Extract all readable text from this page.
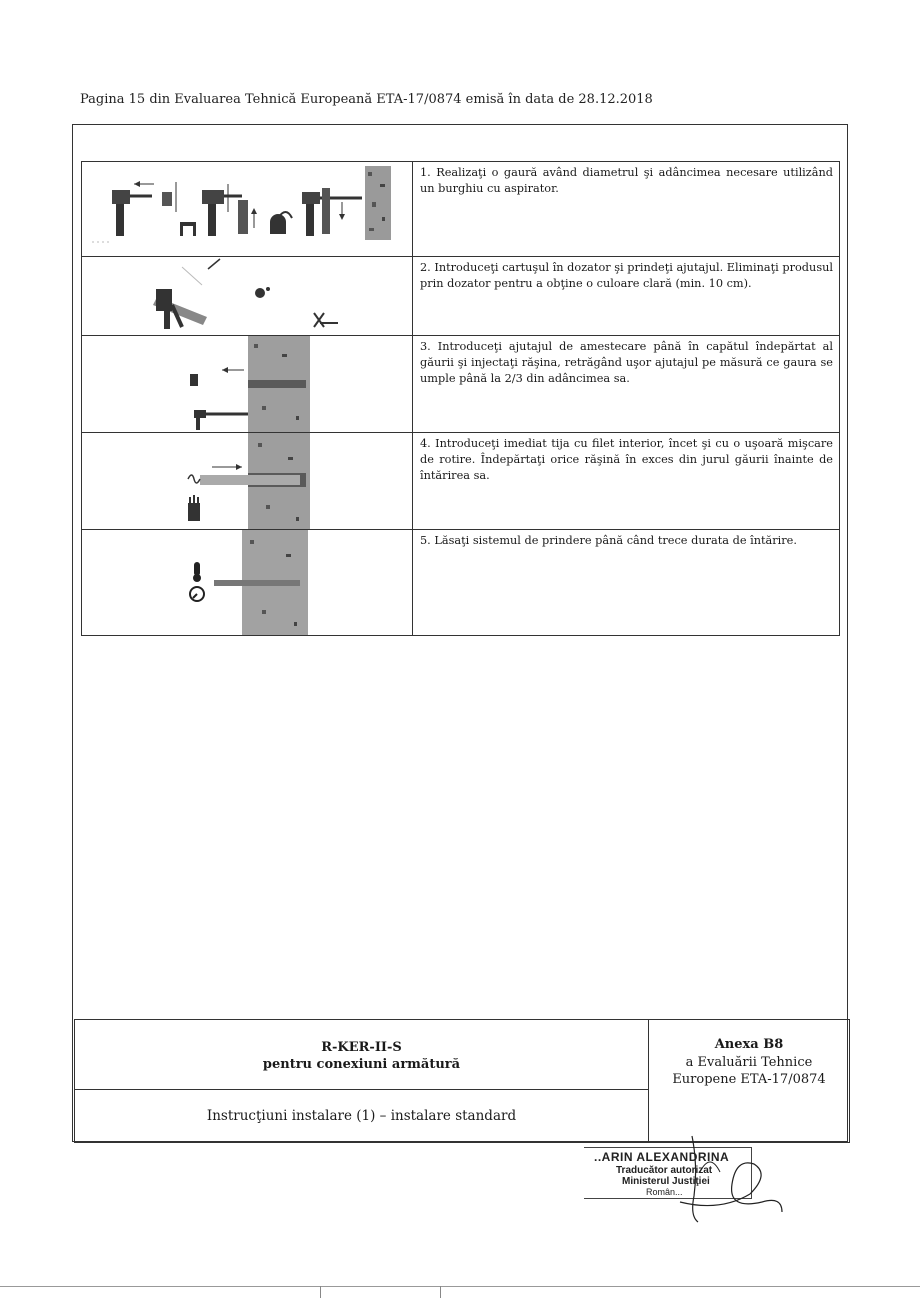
Pagina 15 din Evaluarea Tehnică Europeană ETA-17/0874 emisă în data de 28.12.2018
	1. Realizaţi o gaură având diametrul şi adâncimea necesare utilizând un burghiu cu aspirator.

	2. Introduceţi cartuşul în dozator şi prindeţi ajutajul. Eliminaţi produsul prin dozator pentru a obţine o culoare clară (min. 10 cm).

	3. Introduceţi ajutajul de amestecare până în capătul îndepărtat al găurii şi injectaţi răşina, retrăgând uşor ajutajul pe măsură ce gaura se umple până la 2/3 din adâncimea sa.

	4. Introduceţi imediat tija cu filet interior, încet şi cu o uşoară mişcare de rotire. Îndepărtaţi orice răşină în exces din jurul găurii înainte de întărirea sa.

	5. Lăsaţi sistemul de prindere până când trece durata de întărire.
R-KER-II-S
pentru conexiuni armătură
Instrucţiuni instalare (1) – instalare standard
Anexa B8
a Evaluării Tehnice
Europene ETA-17/0874
..ARIN ALEXANDRINA
Traducător autorizat
Ministerul Justiţiei
Român...
